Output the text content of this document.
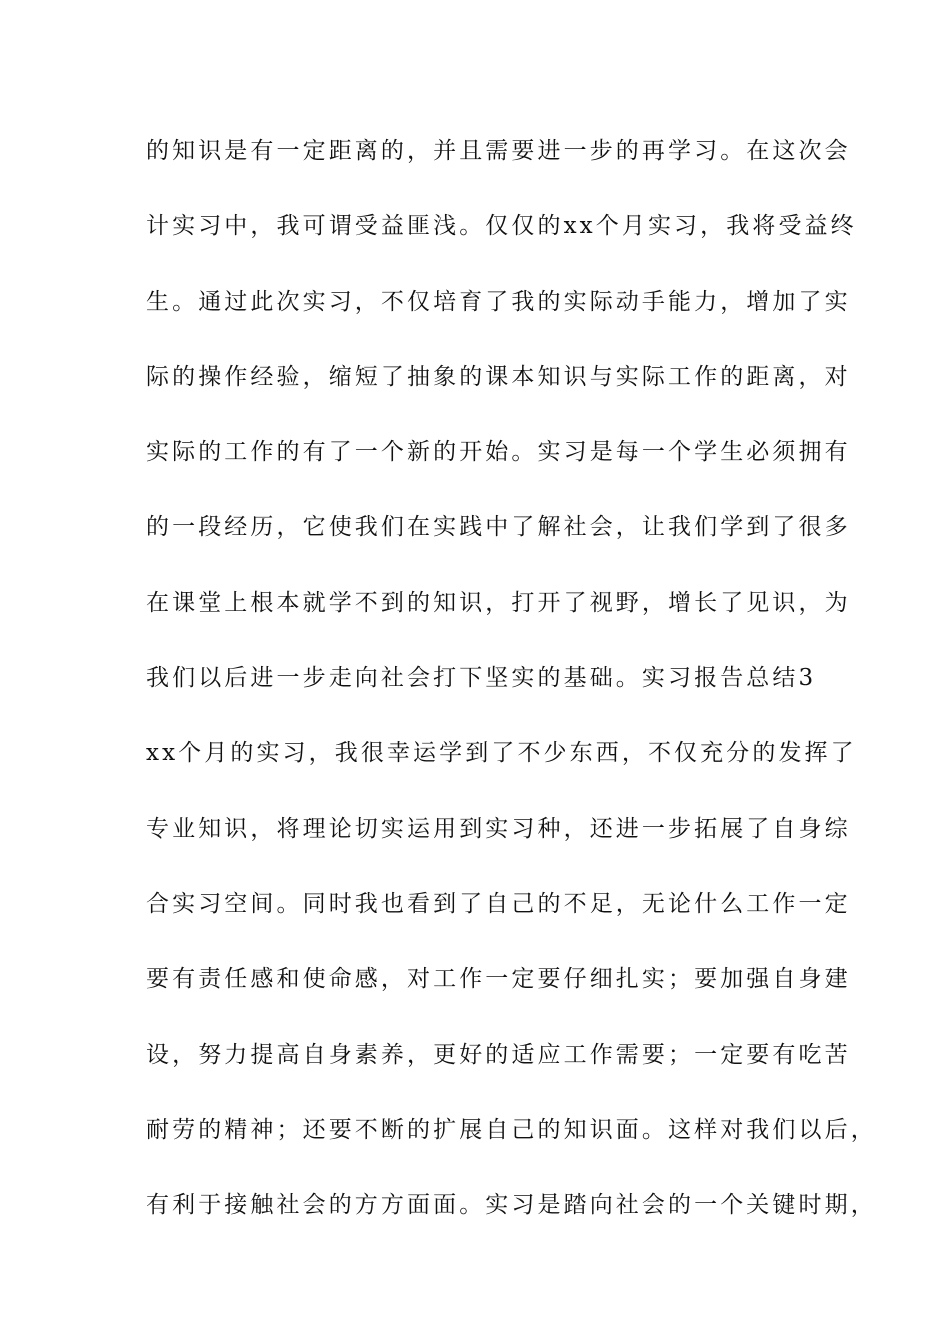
的知识是有一定距离的，并且需要进一步的再学习。在这次会

计实习中，我可谓受益匪浅。仅仅的xx个月实习，我将受益终

生。通过此次实习，不仅培育了我的实际动手能力，增加了实

际的操作经验，缩短了抽象的课本知识与实际工作的距离，对

实际的工作的有了一个新的开始。实习是每一个学生必须拥有

的一段经历，它使我们在实践中了解社会，让我们学到了很多

在课堂上根本就学不到的知识，打开了视野，增长了见识，为

我们以后进一步走向社会打下坚实的基础。实习报告总结3

xx个月的实习，我很幸运学到了不少东西，不仅充分的发挥了

专业知识，将理论切实运用到实习种，还进一步拓展了自身综

合实习空间。同时我也看到了自己的不足，无论什么工作一定

要有责任感和使命感，对工作一定要仔细扎实；要加强自身建

设，努力提高自身素养，更好的适应工作需要；一定要有吃苦

耐劳的精神；还要不断的扩展自己的知识面。这样对我们以后，

有利于接触社会的方方面面。实习是踏向社会的一个关键时期，
